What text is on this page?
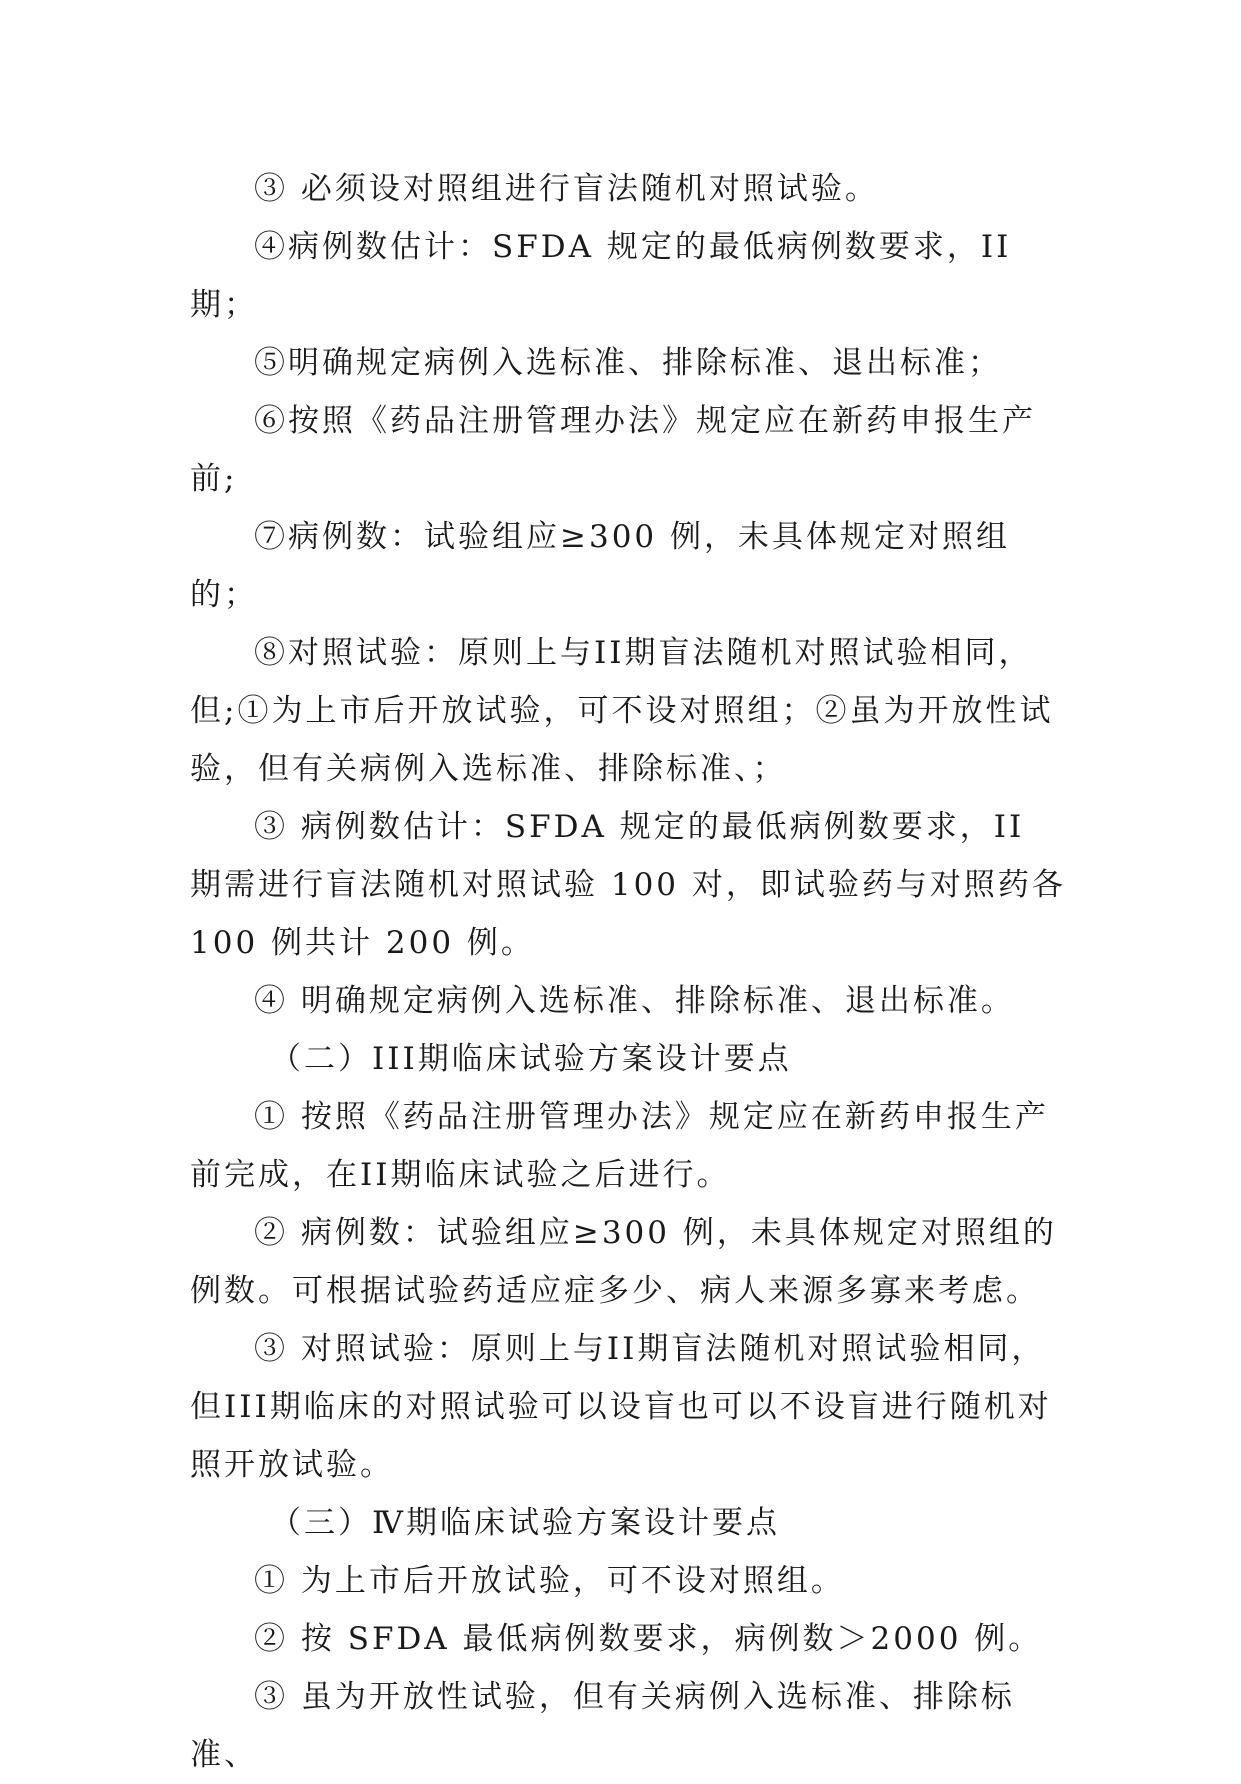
③ 必须设对照组进行盲法随机对照试验。

④病例数估计：SFDA 规定的最低病例数要求，II 期；

⑤明确规定病例入选标准、排除标准、退出标准；

⑥按照《药品注册管理办法》规定应在新药申报生产前;

⑦病例数：试验组应≥300 例，未具体规定对照组的；

⑧对照试验：原则上与II期盲法随机对照试验相同，但;①为上市后开放试验，可不设对照组；②虽为开放性试验，但有关病例入选标准、排除标准、；

③ 病例数估计：SFDA 规定的最低病例数要求，II 期需进行盲法随机对照试验 100 对，即试验药与对照药各 100 例共计 200 例。

④ 明确规定病例入选标准、排除标准、退出标准。

（二）III期临床试验方案设计要点

① 按照《药品注册管理办法》规定应在新药申报生产前完成，在II期临床试验之后进行。

② 病例数：试验组应≥300 例，未具体规定对照组的例数。可根据试验药适应症多少、病人来源多寡来考虑。

③ 对照试验：原则上与II期盲法随机对照试验相同，但III期临床的对照试验可以设盲也可以不设盲进行随机对照开放试验。

（三）Ⅳ期临床试验方案设计要点

① 为上市后开放试验，可不设对照组。

② 按 SFDA 最低病例数要求，病例数＞2000 例。

③ 虽为开放性试验，但有关病例入选标准、排除标准、
